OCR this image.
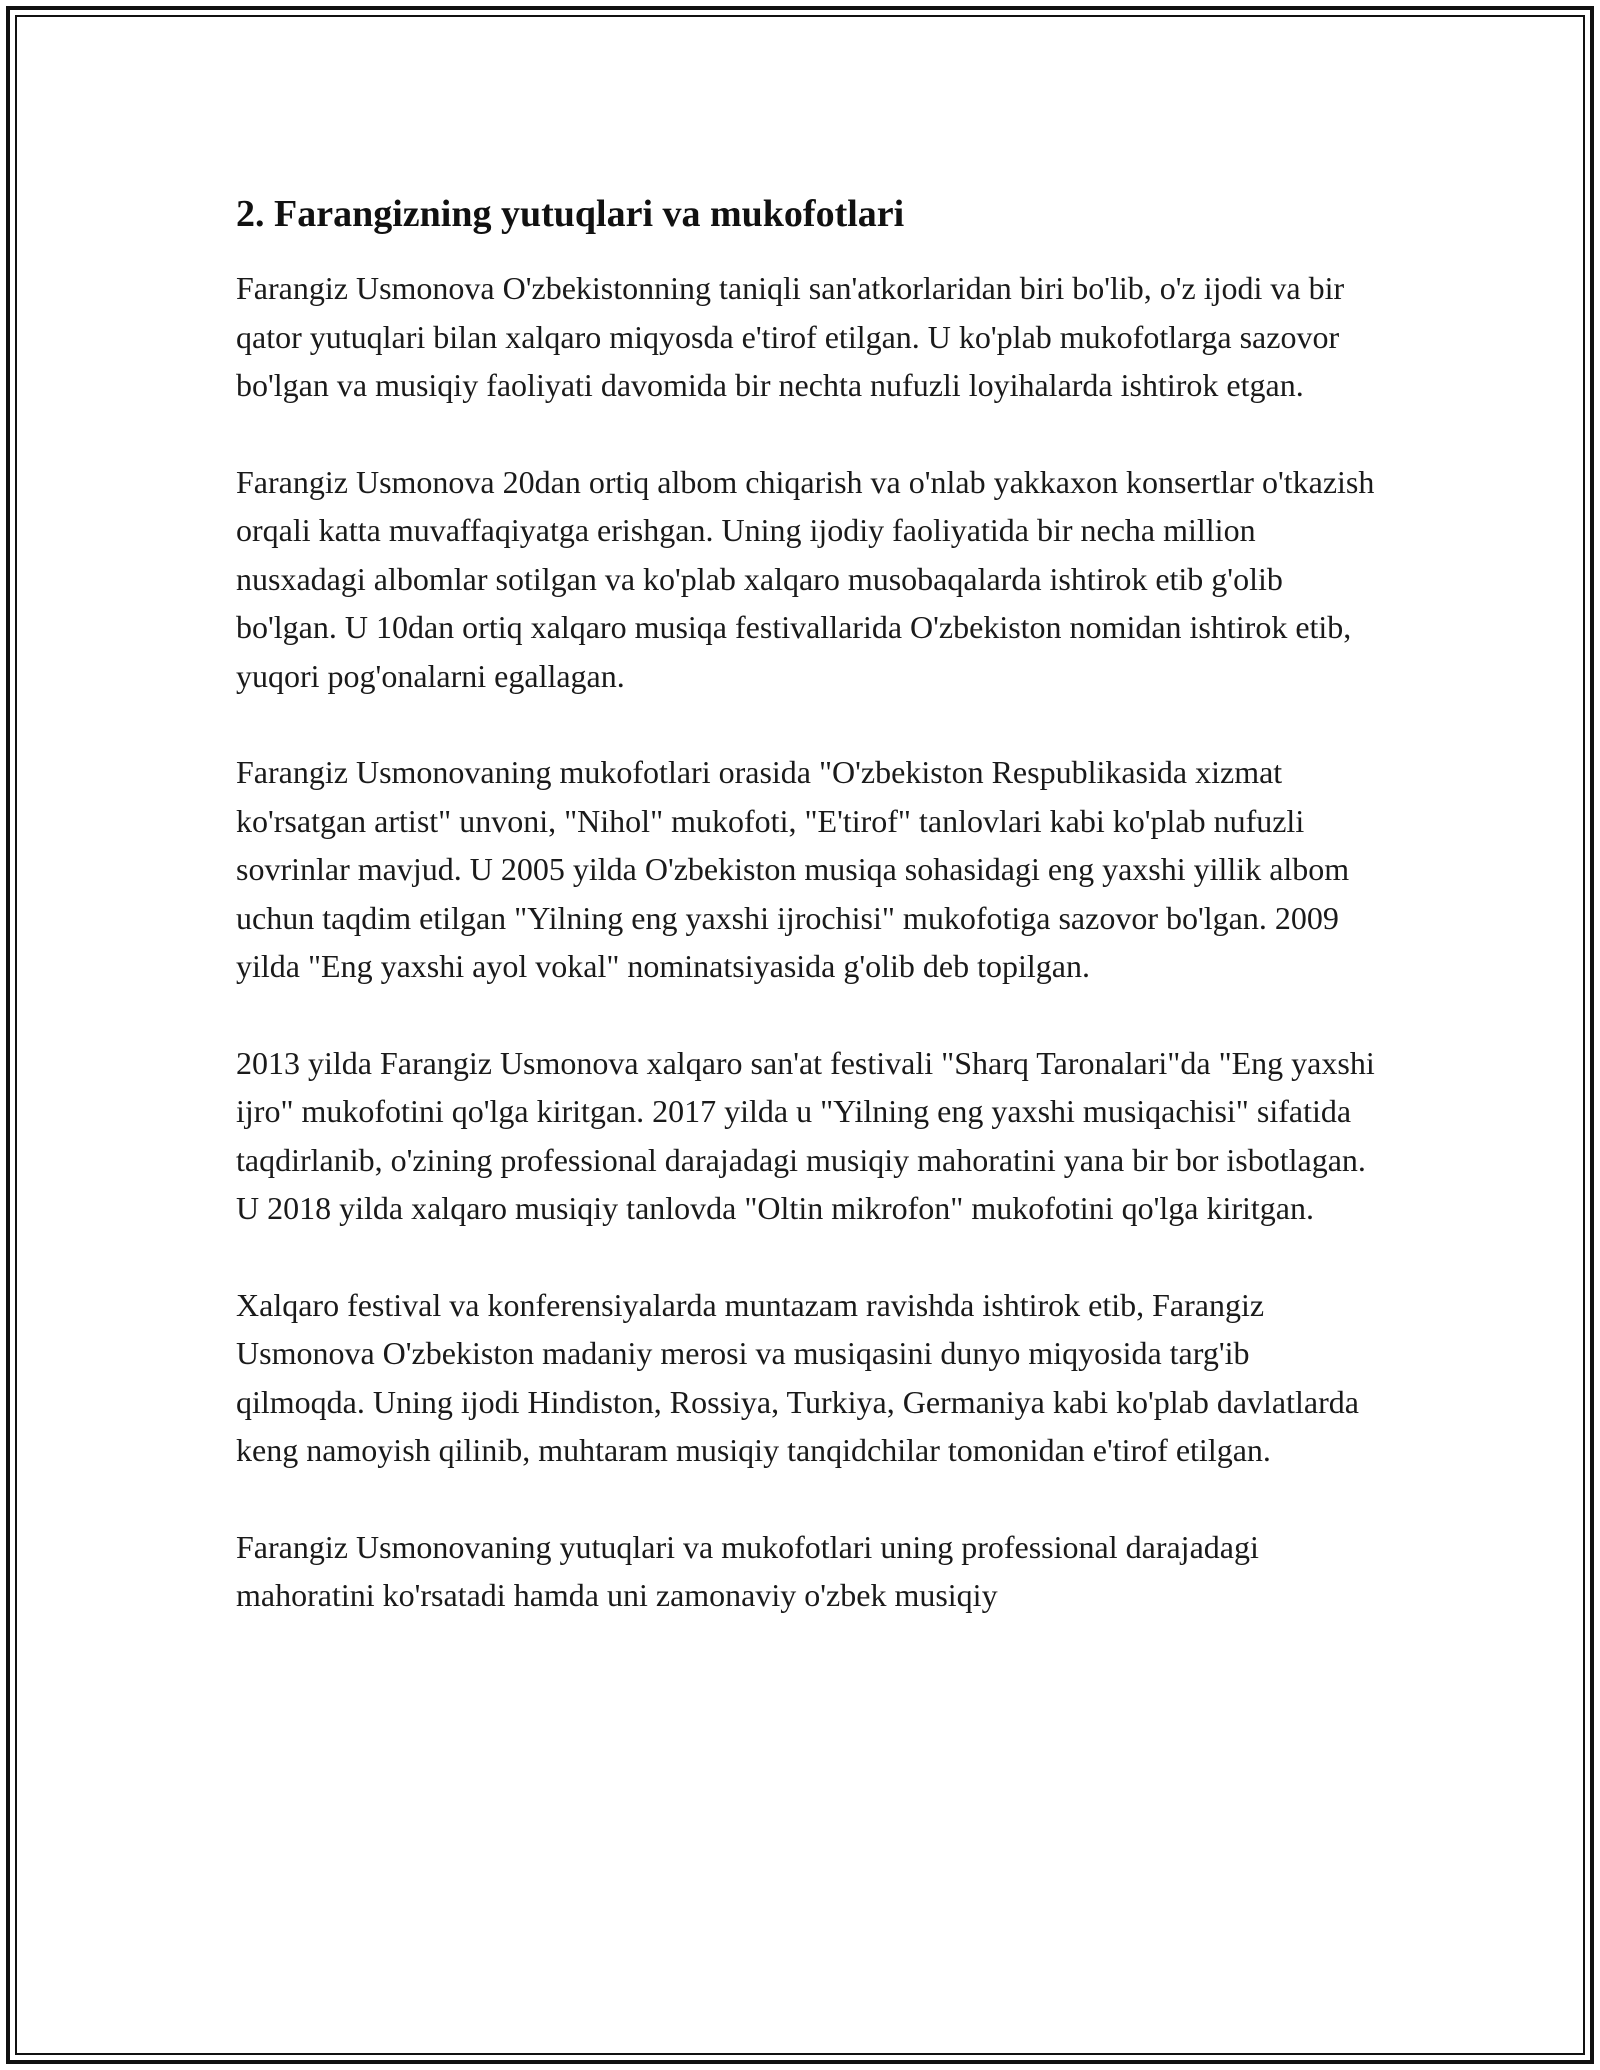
2. Farangizning yutuqlari va mukofotlari

Farangiz Usmonova O'zbekistonning taniqli san'atkorlaridan biri bo'lib, o'z ijodi va bir qator yutuqlari bilan xalqaro miqyosda e'tirof etilgan. U ko'plab mukofotlarga sazovor bo'lgan va musiqiy faoliyati davomida bir nechta nufuzli loyihalarda ishtirok etgan.

Farangiz Usmonova 20dan ortiq albom chiqarish va o'nlab yakkaxon konsertlar o'tkazish orqali katta muvaffaqiyatga erishgan. Uning ijodiy faoliyatida bir necha million nusxadagi albomlar sotilgan va ko'plab xalqaro musobaqalarda ishtirok etib g'olib bo'lgan. U 10dan ortiq xalqaro musiqa festivallarida O'zbekiston nomidan ishtirok etib, yuqori pog'onalarni egallagan.

Farangiz Usmonovaning mukofotlari orasida "O'zbekiston Respublikasida xizmat ko'rsatgan artist" unvoni, "Nihol" mukofoti, "E'tirof" tanlovlari kabi ko'plab nufuzli sovrinlar mavjud. U 2005 yilda O'zbekiston musiqa sohasidagi eng yaxshi yillik albom uchun taqdim etilgan "Yilning eng yaxshi ijrochisi" mukofotiga sazovor bo'lgan. 2009 yilda "Eng yaxshi ayol vokal" nominatsiyasida g'olib deb topilgan.

2013 yilda Farangiz Usmonova xalqaro san'at festivali "Sharq Taronalari"da "Eng yaxshi ijro" mukofotini qo'lga kiritgan. 2017 yilda u "Yilning eng yaxshi musiqachisi" sifatida taqdirlanib, o'zining professional darajadagi musiqiy mahoratini yana bir bor isbotlagan. U 2018 yilda xalqaro musiqiy tanlovda "Oltin mikrofon" mukofotini qo'lga kiritgan.

Xalqaro festival va konferensiyalarda muntazam ravishda ishtirok etib, Farangiz Usmonova O'zbekiston madaniy merosi va musiqasini dunyo miqyosida targ'ib qilmoqda. Uning ijodi Hindiston, Rossiya, Turkiya, Germaniya kabi ko'plab davlatlarda keng namoyish qilinib, muhtaram musiqiy tanqidchilar tomonidan e'tirof etilgan.

Farangiz Usmonovaning yutuqlari va mukofotlari uning professional darajadagi mahoratini ko'rsatadi hamda uni zamonaviy o'zbek musiqiy
